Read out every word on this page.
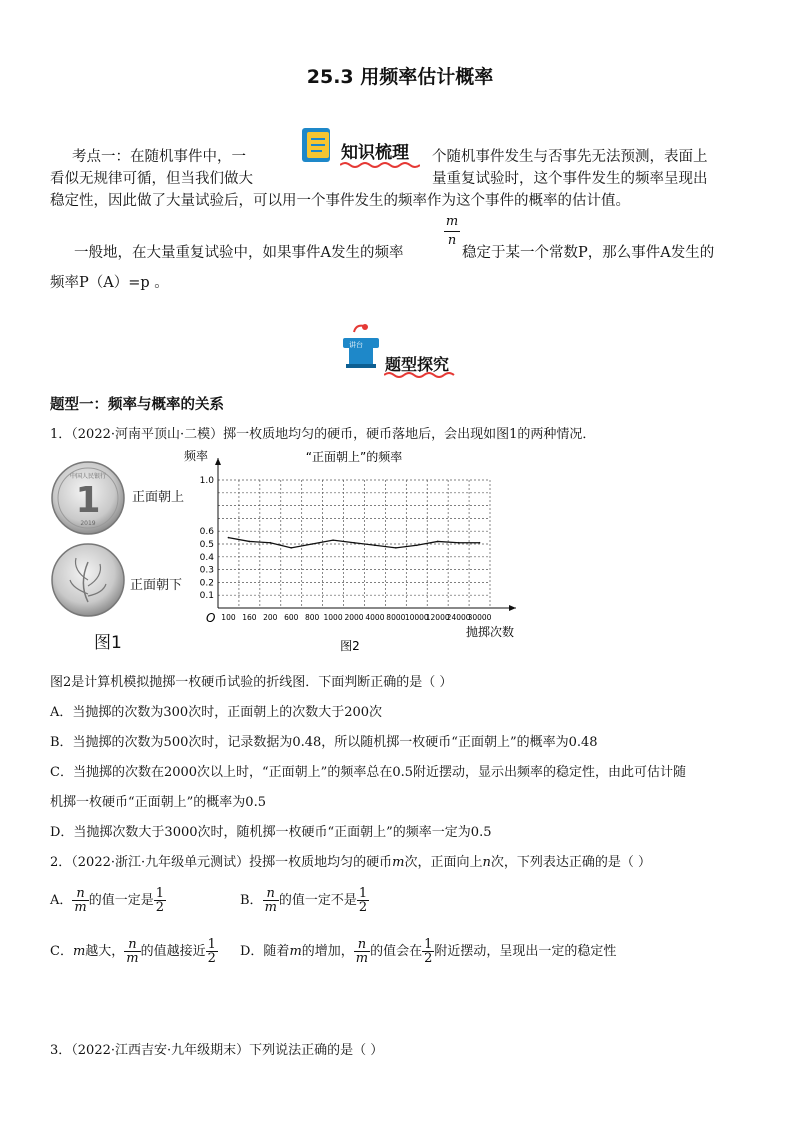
25.3 用频率估计概率
知识梳理
考点一：在随机事件中，一	个随机事件发生与否事先无法预测，表面上
看似无规律可循，但当我们做大	量重复试验时，这个事件发生的频率呈现出
稳定性，因此做了大量试验后，可以用一个事件发生的频率作为这个事件的概率的估计值。
一般地，在大量重复试验中，如果事件A发生的频率
m
n
稳定于某一个常数P，那么事件A发生的
频率P（A）=p 。
讲台
题型探究
题型一：频率与概率的关系
1．（2022·河南平顶山·二模）掷一枚质地均匀的硬币，硬币落地后，会出现如图1的两种情况．
1
中国人民银行
2019
正面朝上
正面朝下
图1
0.1
0.2
0.3
0.4
0.5
0.6
1.0
100 160 200 600 800 1000 2000 4000 8000 10000
12000
24000
30000
频率	“正面朝上”的频率
O
抛掷次数
图2
图2是计算机模拟抛掷一枚硬币试验的折线图．下面判断正确的是（ ）
A．当抛掷的次数为300次时，正面朝上的次数大于200次
B．当抛掷的次数为500次时，记录数据为0.48，所以随机掷一枚硬币“正面朝上”的概率为0.48
C．当抛掷的次数在2000次以上时，“正面朝上”的频率总在0.5附近摆动，显示出频率的稳定性，由此可估计随
机掷一枚硬币“正面朝上”的概率为0.5
D．当抛掷次数大于3000次时，随机掷一枚硬币“正面朝上”的频率一定为0.5
2．（2022·浙江·九年级单元测试）投掷一枚质地均匀的硬币m次，正面向上n次，下列表达正确的是（ ）
A． $\frac{n}{m}$ 的值一定是 $\frac{1}{2}$	B． $\frac{n}{m}$ 的值一定不是 $\frac{1}{2}$
C．m越大， $\frac{n}{m}$ 的值越接近 $\frac{1}{2}$ D．随着m的增加， $\frac{n}{m}$ 的值会在 $\frac{1}{2}$ 附近摆动，呈现出一定的稳定性
3．（2022·江西吉安·九年级期末）下列说法正确的是（ ）
